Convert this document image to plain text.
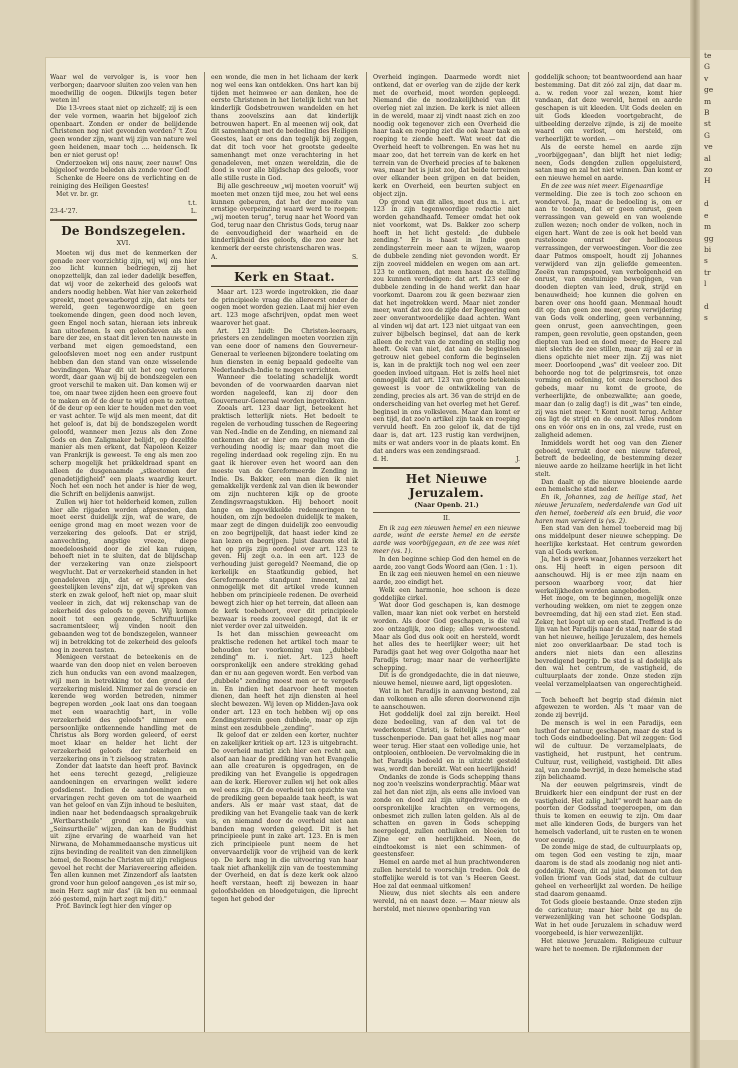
te
G
v
ge
m
B
st
G
ve
al
zo
H

d
e
m
gg
bi
s
tr
l

d
s

Waar wel de vervolger is, is voor hen verborgen; daarvoor sluiten zoo velen van hen moedwillig de oogen. Dikwijls tegen beter weten in!

Die 13-vrees staat niet op zichzelf; zij is een der vele vormen, waarin het bijgeloof zich openbaart. Zonden er onder de belijdende Christenen nog niet gevonden worden? 't Zou geen wonder zijn, want wij zijn van nature wel geen heidenen, maar toch .... heidensch. Ik ben er niet gerust op!

Onderzoeken wij ons nauw, zeer nauw! Ons bijgeloof worde beleden als zonde voor God!

Schenke de Heere ons de verlichting en de reiniging des Heiligen Geestes!

Met vr. br. gr.

t.t.
23-4-'27.	L.
De Bondszegelen.
XVI.

Moeten wij dus met de kenmerken der genade zeer voorzichtig zijn, wij wij ons hier zoo licht kunnen bedriegen, zij het onopzettelijk, dan zal ieder dadelijk beseffen, dat wij voor de zekerheid des geloofs wat anders noodig hebben. Wat hier van zekerheid spreekt, moet gewaarborgd zijn, dat niets ter wereld, geen tegenwoordige en geen toekomende dingen, geen dood noch leven, geen Engel noch satan, hieraan iets inbreuk kan uitoefenen. Is een geloofsleven als een bare der zee, en staat dit leven ten nauwste in verband met eigen gemoedstand, een geloofsleven moet nog een ander rustpunt hebben dan den stand van onze wisselende bevindingen. Waar dit uit het oog verloren wordt, daar gaan wij bij de bondszegelen een groot verschil te maken uit. Dan komen wij er toe, om naar twee zijden heen een groeve fout te maken en ôf de deur te wijd open te zetten, ôf de deur op een kier te houden met den voet er vast achter. Te wijd als men meent, dat dit het geloof is, dat bij de bondszegelen wordt geloofd, wanneer men Jezus als den Zone Gods en den Zaligmaker belijdt, op dezelfde manier als men erkent, dat Napoleon Keizer van Frankrijk is geweest. Te eng als men zoo scherp mogelijk het prikkeldraad spant en alleen de dusgenaamde „stkeetomen der genadetijdigheid" een plaats waardig keurt. Noch het een noch het ander is hier de weg, die Schrift en belijdenis aanwijst.

Zullen wij hier tot helderheid komen, zullen hier alle rijgaden worden afgesneden, dan moet eerst duidelijk zijn, wat de ware, de eenige grond mag en moet wezen voor de verzekering des geloofs. Dat er strijd, aanvechting, angstige vreeze, diepe moedeloosheid door de ziel kan ruigen, behoeft niet in te sluiten, dat de blijdschap der verzekering van onze zielspoort wegvlucht. Dat er verzekerheid standen in het genadeleven zijn, dat er „trappen des geestelijken levens" zijn, dat wij spreken van sterk en zwak geloof, heft niet op, maar sluit veeleer in zich, dat wij rekenschap van de zekerheid des geloofs te geven. Wij komen nooit tot een gezonde, Schriftuurlijke sacramentsleer, wij vinden nooit den gebaanden weg tot de bondszegelen, wanneer wij in betrekking tot de zekerheid des geloofs nog in zeeren tasten.

Menigeen verstaat de beteekenis en de waarde van den doop niet en velen beroeven zich hun onducks van een avond maalzegen, wijl men in betrekking tot den grond der verzekering misleid. Nimmer zal de verscie en kerende weg worden betreden, nimmer begrepen worden „ook laat ons dan toegaan met een waarachtig hart, in volle verzekerheid des geloofs" nimmer een persoonlijke ontkennende handling met de Christus als Borg worden geleerd, of eerst moet klaar en helder het licht der verzekerheid geloofs der zekerheid en verzekering ons in 't zielsoog straten.

Zonder dat laatste dan heeft prof. Bavinck het eens terecht gezegd, „religieuze aandoeningen en ervaringen welkt iedere godsdienst. Indien de aandoeningen en ervaringen recht geven om tot de waarheid van het geloof en van Zijn inhoud te besluiten, indien naar het bedendaagsch spraakgebruik „Wertbarstheile" grond en bewijs van „Seinsurtheile" wijzen, dan kan de Buddhist uit zijne ervaring de waarheid van het Nirwana, de Mohammedaansche mysticus uit zijns bevinding de realiteit van den zinnelijken hemel, de Roomsche Christen uit zijn religieus gevoel het recht der Mariavereering afleiden. Ten allen kunnen met Zinzendorf als laatsten grond voor hun geloof aangeven „es ist mir so, mein Herz sagt mir das" (ik ben nu eenmaal zóó gestemd, mijn hart zegt mij dit)."

Prof. Bavinck legt hier den vinger op

een wonde, die men in het lichaam der kerk nog wel eens kan ontdekken. Ons hart kan bij tijden met heimwee er aan denken, hoe de eerste Christenen in het lietelijk licht van het kinderlijk Godsbetrouwen wandelden en het thans zoovelszins aan dat kinderlijk betrouwen hapert. En al meenen wij ook, dat dit samenhangt met de bedeeling des Heiligen Geestes, laat er ons dan tegelijk bij zeggen, dat dit toch voor het grootste gedeelte samenhangt met onze verachtering in het genadeleven, met onzen wereldzin, die de dood is voor alle blijdschap des geloofs, voor alle stille ruste in God.

Bij alle geschreeuw „wij moeten vooruit" wij moeten met onzen tijd mee, zou het wel eens kunnen gebeuren, dat het der moeite van ernstige overpeinzing waard werd te roepen: „wij moeten terug", terug naar het Woord van God, terug naar den Christus Gods, terug naar de eenvoudigheid der waarheid en de kinderlijkheid des geloofs, die zoo zeer het kenmerk der eerste christenscharen was.

A.	S.
Kerk en Staat.

Maar art. 123 worde ingetrokken, zie daar de principieele vraag die allereerst onder de oogen moet worden gezien. Laat mij hier even art. 123 moge afschrijven, opdat men weet waarover het gaat.

Art. 123 luidt: De Christen-leeraars, priesters en zendelingen moeten voorzien zijn van eene door of namens den Gouverneur-Generaal te verleenen bijzondere toelating om hun diensten in eenig bepaald gedeelte van Nederlandsch-Indie te mogen verrichten.

Wanneer die toelating schadelijk wordt bevonden of de voorwaarden daarvan niet worden nageleefd, kan zij door den Gouverneur-Generaal worden ingetrokken.

Zooals art. 123 daar ligt, beteekent het praktisch letterlijk niets. Het bedoelt te regelen de verhouding tusschen de Regeering van Ned.-Indie en de Zending, en niemand zal ontkennen dat er hier om regeling van die verhouding noodig is; maar dan moet die regeling inderdaad ook regeling zijn. En nu gaat ik hierover even het woord aan den meeste van de Gereformeerde Zending in Indie. Ds. Bakker, een man dien ik niet gemakkelijk verdenk zal van dien ik bewonder om zijn nuchteren kijk op de groote Zendingsvraagstukken. Hij behoort nooit lange en ingewikkelde redeneeringen te houden, om zijn bedoelen duidelijk te maken, maar zegt de dingen duidelijk zoo eenvoudig en zoo begrijpelijk, dat haast ieder kind ze kan lezen en begrijpen. Juist daarom stel ik het op prijs zijn oordeel over art. 123 te geven. Hij zegt o.a. in een art. 123 de verhouding juist geregeld? Neemand, die op kerkelijk en Staatkundig gebied, het Gereformeerde standpunt inneemt, zal onmogelijk met dit artikel vrede kunnen hebben om principieele redenen. De overheid bewegt zich hier op het terrein, dat alleen aan de kerk toebehoort, over dit principieele bezwaar is reeds zooveel gezegd, dat ik er niet verder over zal uitweiden.

Is het dan misschien geweeacht om praktische redenen het artikel toch maar te behouden ter voorkoming van „dubbele zending" m. i. niet. Art. 123 heeft oorspronkelijk een andere strekking gehad dan er nu aan gegeven wordt. Een verbod van „dubbele" zending moest men er te vergeefs in. En indien het daarvoor heeft moeten dienen, dan heeft het zijn diensten al heel slecht bewezen. Wij leven op Midden-Java ook onder art. 123 en toch hebben wij op ons Zendingsterrein geen dubbele, maar op zijn minst een zesdubbele „zending".

Ik geloof dat er zelden een korter, nuchter en zakelijker kritiek op art. 123 is uitgebracht. De overheid matigt zich hier een recht aan, alsof aan haar de prediking van het Evangelie aan alle creaturen is opgedragen, en de prediking van het Evangelie is opgedragen aan de kerk. Hierover zullen wij het ook alles wel eens zijn. Of de overheid ten opzichte van de prediking geen bepaalde taak heeft, is wat anders. Als er maar vast staat, dat de prediking van het Evangelie taak van de kerk is, en niemand door de overheid niet aan banden mag worden gelegd. Dit is het principieele punt in zake art. 123. En is men zich principieele punt neem de het onvervaardelijk voor de vrijheid van de kerk op. De kerk mag in die uitvoering van haar taak niet afhankelijk zijn van de toestemming der Overheid, en dat is deze kerk ook alzoo heeft verstaan, heeft zij bewezen in haar geloofsbelden en bloedgetuigen, die liprecht tegen het gebod der

Overheid ingingen. Daarmede wordt niet ontkend, dat er overleg van de zijde der kerk met de overheid, moet worden gepleegd. Niemand die de noodzakelijkheid van dit overleg niet zal inzien. De kerk is niet alleen in de wereld, maar zij vindt naast zich en zoo noodig ook tegenover zich een Overheid die haar taak en roeping ziet die ook haar taak en roeping te ziende heeft. Wat weet dat die Overheid heeft te volbrengen. En was het nu maar zoo, dat het terrein van de kerk en het terrein van de Overheid precies af te bakenen was, maar het is juist zoo, dat beide terreinen over elkander been grijpen en dat beiden, kerk en Overheid, een beurten subject en object zijn.

Op grond van dit alles, moet dus m. i. art. 123 in zijn tegenwoordige redactie niet worden gehandhaafd. Temeer omdat het ook niet voorkomt, wat Ds. Bakker zoo scherp hoeft in het licht gesteld: „de dubbele zending." Er is haast in Indie geen zendingsterrein meer aan te wijzen, waarop de dubbele zending niet gevonden wordt. Er zijn zooveel middelen en wegen om aan art. 123 te ontkomen, dat men haast de stelling zou kunnen verdedigen: dat art. 123 eer de dubbele zending in de hand werkt dan haar voorkomt. Daarom zou ik geen bezwaar zien dat het ingetrokken werd. Maar niet zonder meer, want dat zou de zijde der Regeering een zeer onverantwoordelijke daad achten. Want al vinden wij dat art. 123 niet uitgaat van een zuiver bijbelsch beginsel, dat aan de kerk alleen de recht van de zending en stellig nog heeft. Ook van niet, dat aan de beginselen getrouw niet gebeel conform die beginselen is, kan in de praktijk toch nog wel een zeer goeden invloed uitgaan. Het is zelfs heel niet onmogelijk dat art. 123 van groote betekenis geweest is voor de ontwikkeling van de zending, precies als art. 36 van de strijd en de onderscheiding van het overleg met het Geref. beginsel in ons volksleven. Maar dan komt er een tijd, dat zoo'n artikel zijn taak en roeping vervuld heeft. En zoo geloof ik, dat de tijd daar is, dat art. 123 rustig kan verdwijnen, mits er wat anders voor in de plaats komt. En dat anders was een zendingsraad.

d. H.	J.
Het Nieuwe Jeruzalem.
(Naar Openb. 21.)
II.

En ik zag een nieuwen hemel en een nieuwe aarde, want de eerste hemel en de eerste aarde was voorbijgegaan, en de zee was niet meer (vs. 1).

In den beginne schiep God den hemel en de aarde, zoo vangt Gods Woord aan (Gen. 1 : 1).

En ik zag een nieuwen hemel en een nieuwe aarde, zoo eindigt het.

Welk een harmonie, hoe schoon is deze goddelijke cirkel.

Wat door God geschapen is, kan desmoge vallen, maar kan niet ook verbet en hersteld worden. Als door God geschapen, is die val zoo ontzaglijk, zoo diep; alles verwoestend. Maar als God dus ook ooit en hersteld, wordt het alles des te heerlijker weer; uit het Paradijs gaat het weg over Golgotha naar het Paradijs terug; maar naar de verheerlijkte schepping.

Dit is de grondgedachte, die in dat nieuwe, nieuwe hemel, nieuwe aard, ligt opgesloten.

Wat in het Paradijs in aanvang bestond, zal dan volkomen en alle sferen doorwonend zijn te aanschouwen.

Het goddelijk doel zal zijn bereikt. Heel deze bedeeling, van af den val tot de wederkomst Christi, is feitelijk „maar" een tusschenperiode. Dan gaat het alles nog maar weer terug. Hier staat een volledige unie, het ontplooien, ontbloeien. De vervolmaking die in het Paradijs bedoeld en in uitzicht gesteld was, wordt dan bereikt. Wat een heerlijkheid!

Ondanks de zonde is Gods schepping thans nog zoo'n veelszins wonderprachtig. Maar wat zal het dan niet zijn, als eens alle invloed van zonde en dood zal zijn uitgedreven; en de oorspronkelijke krachten en vermogens, onbesmet zich zullen laten gelden. Als al de schatten en gaven in Gods schepping neergelegd, zullen ontluiken en bloeien tot Zijne eer en heerlijkheid. Neen, de eindtoekomst is niet een schimmen- of geestensfeer.

Hemel en aarde met al hun prachtwonderen zullen hersteld te voorschijn treden. Ook de stoffelijke wereld is tot van 's Heeren Geest. Hoe zal dat eenmaal uitkomen!

Nieuw, dus niet slechts als een andere wereld, ná en naast deze. — Maar nieuw als hersteld, met nieuwe openbaring van

goddelijk schoon; tot beantwoordend aan haar bestemming. Dat dit zóó zal zijn, dat daar m. a. w. reden voor zal wezen, komt hier vandaan, dat deze wereld, hemel en aarde geschapen is uit kleeden. Uit Gods deelen en uit Gods kleeden voortgebracht, de uitbeelding derzelve zijnde, is zij de moeite waard om verlost, om hersteld, om verheerlijkt te worden. —

Als de eerste hemel en aarde zijn „voorbijgegaan", dan blijft het niet ledig; neen, Gods dengden zullen opgeluisterd, satan mag en zal het niet winnen. Dan komt er een nieuwe hemel en aarde.

En de zee was niet meer. Eigenaardige

vermelding. Die zee is toch zoo schoon en wondervol. Ja, maar de bedoeling is, om er aan te toonen, dat er geen onrust, geen verrassingen van geweld en van woelende zullen wezen; noch onder de volken, noch in eigen hart. Want de zee is ook het beeld van rustelooze onrust der heilloozeus verrassingen, der verwoestingen. Voor die zee daar Patmos omspoelt, houdt zij Johannes verwijderd van zijn geliefde gemeenten. Zeeën van rampspoed, van verbolgenheid en onrust, van onstuimige bewegingen, van dooden diepten van leed, druk, strijd en benauwdheid; hoe kunnen die golven en baren over ons hoofd gaan. Menmaal houdt dit op; dan geen zee meer, geen verwijdering van Gods volk onderling, geen verbanning, geen onrust, geen aanvechtingen, geen rampen, geen revolutie, geen opstanden, geen diepten van leed en dood meer; de Heere zal niet slechts de zee stillen, maar zij zal er in diens opzichte niet meer zijn. Zij was niet meer. Doorloopend „was" dit veeleer zoo. Dit behoorde nog tot de pelgrimsreis, tot onze vorming en oefening, tot onze leerschool des gebeds, maar nu komt de groote, de verheerlijkte, de onbezwalkte; aan goede, maar dan (o zalig dag!) is dit „was" ten einde, zij was niet meer. 't Komt nooit terug. Achter ons ligt de strijd en de onrust. Alles rondom ons en vóór ons en in ons, zal vrede, rust en zaligheid ademen.

Inmiddels wordt het oog van den Ziener geboeid, verrukt door een nieuw tafereel, betreft de bedeeling, de bestemming dezer nieuwe aarde zo heilzame heerlijk in het licht stelt.

Dan daalt op die nieuwe bloeiende aarde een hemelsche stad neder.

En ik, Johannes, zag de heilige stad, het nieuwe Jeruzalem, nederdalende van God uit den hemel, toebereid als een bruid, die voor haren man versierd is (vs. 2).

Een stad van den hemel toebereid mag bij ons middelpunt deser nieuwe schepping. De heerlijke kerkstaat. Het centrum geworden van al Gods werken.

Ja, het is gewis waar, Johannes verzekert het ons. Hij heeft in eigen persoon dit aanschouwd. Hij is er mee zijn naam en persoon waarborg voor, dat hier werkelijkheden worden aangeboden.

Het moge, om te beginnen, mogelijk onze verhouding wekken, om niet te zeggen onze bevreemding, dat hij een stad ziet. Een stad. Zeker, het loopt uit op een stad. Treffend is de lijn van het Paradijs naar de stad, naar de stad van het nieuwe, heilige Jeruzalem, des hemels niet zoo onverklaarbaar. De stad toch is anders niet niets dan een alleszins bevredigend begrip. De stad is al dadelijk als den wal het centrum, de vastigheid, de cultuurplaats der zonde. Onze steden zijn veelal verzamelplaatsen van ongerechtigheid. —

Toch beheeft het begrip stad diémin niet afgewezen te worden. Als 't maar van de zonde zij bevrijd.

De mensch is wel in een Paradijs, een lusthof der natuur, geschapen, maar de stad is toch Gods eindbedoeling. Dat wil zeggen: God wil de cultuur. De verzamelplaats, de vastigheid, het rustpunt, het centrum. Cultuur, rust, veiligheid, vastigheid. Dit alles zal, van zonde bevrijd, in deze hemelsche stad zijn belichaamd.

Na der eeuwen pelgrimsreis, vindt de Bruidkerk hier een eindpunt der rust en der vastigheid. Het zalig „halt" wordt haar aan de poorten der Godsstad toegeroepen, om dan thuis te komen en eeuwig te zijn. Om daar met alle kinderen Gods, de burgers van het hemelsch vaderland, uit te rusten en te wonen voor eeuwig.

De zonde mige de stad, de cultuurplaats op, om tegen God een vesting te zijn, maar daarom is de stad als zoodanig nog niet anti-goddelijk. Neen, dit zal juist bekomen tot den vollen triomf van Gods stad, dat de cultuur geheel en verheerlijkt zal worden. De heilige stad daarom genaamd.

Tot Gods gloeie bestaande. Onze steden zijn de caricatuur; maar hier hebt ge nu de verwezenlijking van het schoone Godsplan. Wat in het oude Jeruzalem in schaduw werd voorgebeeld, is hier verwezenlijkt.

Het nieuwe Jeruzalem. Religieuze cultuur ware het te noemen. De rijkdommen der
